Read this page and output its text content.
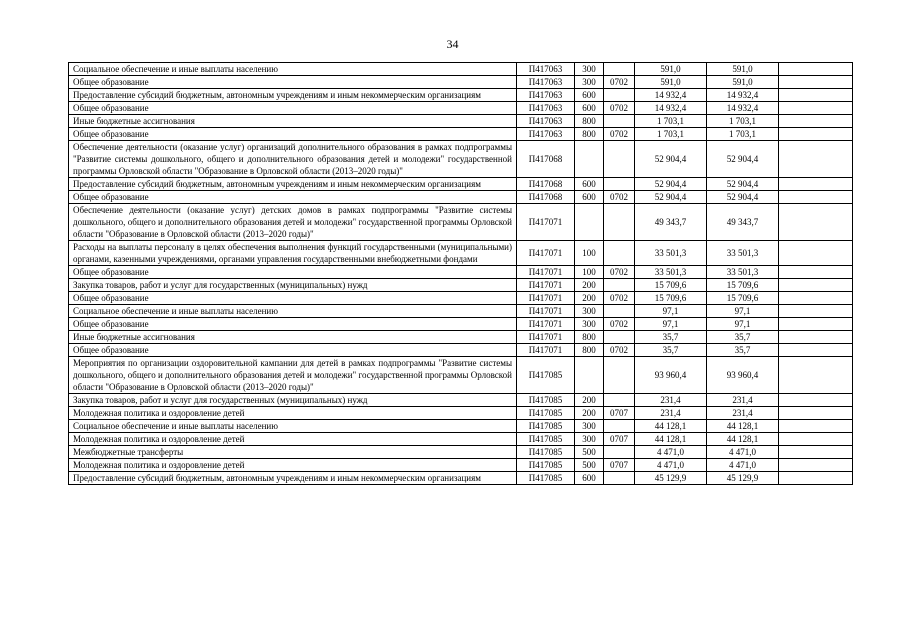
34
Социальное обеспечение и иные выплаты населению	П417063	300		591,0	591,0	
Общее образование	П417063	300	0702	591,0	591,0	
Предоставление субсидий бюджетным, автономным учреждениям и иным некоммерческим организациям	П417063	600		14 932,4	14 932,4	
Общее образование	П417063	600	0702	14 932,4	14 932,4	
Иные бюджетные ассигнования	П417063	800		1 703,1	1 703,1	
Общее образование	П417063	800	0702	1 703,1	1 703,1	
Обеспечение деятельности (оказание услуг) организаций дополнительного образования в рамках подпрограммы "Развитие системы дошкольного, общего и дополнительного образования детей и молодежи" государственной программы Орловской области "Образование в Орловской области (2013–2020 годы)"	П417068			52 904,4	52 904,4	
Предоставление субсидий бюджетным, автономным учреждениям и иным некоммерческим организациям	П417068	600		52 904,4	52 904,4	
Общее образование	П417068	600	0702	52 904,4	52 904,4	
Обеспечение деятельности (оказание услуг) детских домов в рамках подпрограммы "Развитие системы дошкольного, общего и дополнительного образования детей и молодежи" государственной программы Орловской области "Образование в Орловской области (2013–2020 годы)"	П417071			49 343,7	49 343,7	
Расходы на выплаты персоналу в целях обеспечения выполнения функций государственными (муниципальными) органами, казенными учреждениями, органами управления государственными внебюджетными фондами	П417071	100		33 501,3	33 501,3	
Общее образование	П417071	100	0702	33 501,3	33 501,3	
Закупка товаров, работ и услуг для государственных (муниципальных) нужд	П417071	200		15 709,6	15 709,6	
Общее образование	П417071	200	0702	15 709,6	15 709,6	
Социальное обеспечение и иные выплаты населению	П417071	300		97,1	97,1	
Общее образование	П417071	300	0702	97,1	97,1	
Иные бюджетные ассигнования	П417071	800		35,7	35,7	
Общее образование	П417071	800	0702	35,7	35,7	
Мероприятия по организации оздоровительной кампании для детей в рамках подпрограммы "Развитие системы дошкольного, общего и дополнительного образования детей и молодежи" государственной программы Орловской области "Образование в Орловской области (2013–2020 годы)"	П417085			93 960,4	93 960,4	
Закупка товаров, работ и услуг для государственных (муниципальных) нужд	П417085	200		231,4	231,4	
Молодежная политика и оздоровление детей	П417085	200	0707	231,4	231,4	
Социальное обеспечение и иные выплаты населению	П417085	300		44 128,1	44 128,1	
Молодежная политика и оздоровление детей	П417085	300	0707	44 128,1	44 128,1	
Межбюджетные трансферты	П417085	500		4 471,0	4 471,0	
Молодежная политика и оздоровление детей	П417085	500	0707	4 471,0	4 471,0	
Предоставление субсидий бюджетным, автономным учреждениям и иным некоммерческим организациям	П417085	600		45 129,9	45 129,9	
